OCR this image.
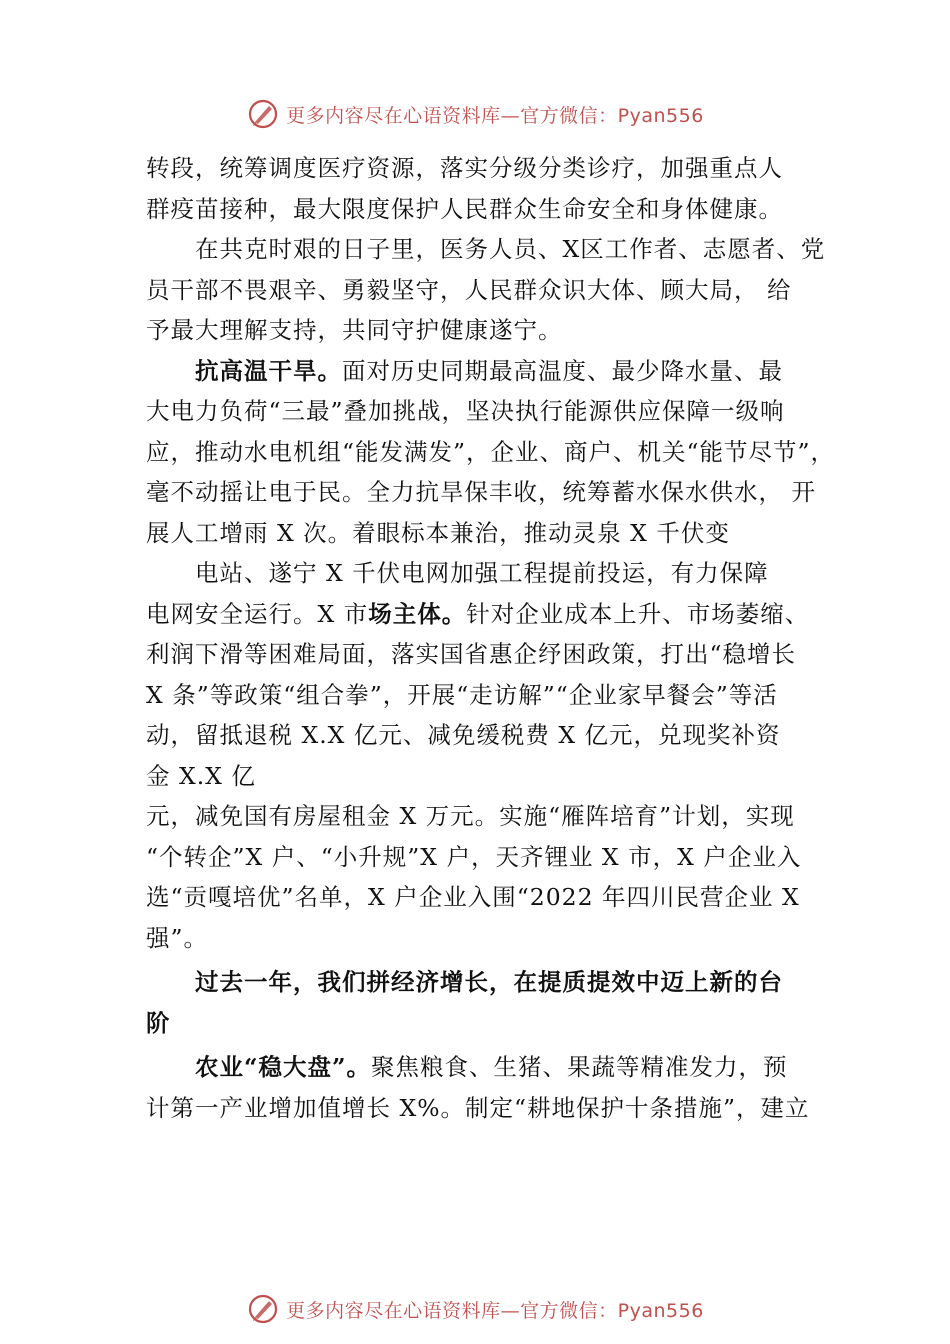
更多内容尽在心语资料库—官方微信：Pyan556
转段，统筹调度医疗资源，落实分级分类诊疗，加强重点人
群疫苗接种，最大限度保护人民群众生命安全和身体健康。
在共克时艰的日子里，医务人员、X区工作者、志愿者、党
员干部不畏艰辛、勇毅坚守，人民群众识大体、顾大局， 给
予最大理解支持，共同守护健康遂宁。
抗高温干旱。面对历史同期最高温度、最少降水量、最
大电力负荷“三最”叠加挑战，坚决执行能源供应保障一级响
应，推动水电机组“能发满发”，企业、商户、机关“能节尽节”，
毫不动摇让电于民。全力抗旱保丰收，统筹蓄水保水供水， 开
展人工增雨 X 次。着眼标本兼治，推动灵泉 X 千伏变
电站、遂宁 X 千伏电网加强工程提前投运，有力保障
电网安全运行。X 市场主体。针对企业成本上升、市场萎缩、
利润下滑等困难局面，落实国省惠企纾困政策，打出“稳增长
X 条”等政策“组合拳”，开展“走访解”“企业家早餐会”等活
动，留抵退税 X.X 亿元、减免缓税费 X 亿元，兑现奖补资
金 X.X 亿
元，减免国有房屋租金 X 万元。实施“雁阵培育”计划，实现
“个转企”X 户、“小升规”X 户，天齐锂业 X 市，X 户企业入
选“贡嘎培优”名单，X 户企业入围“2022 年四川民营企业 X
强”。
过去一年，我们拼经济增长，在提质提效中迈上新的台
阶
农业“稳大盘”。聚焦粮食、生猪、果蔬等精准发力，预
计第一产业增加值增长 X%。制定“耕地保护十条措施”，建立
更多内容尽在心语资料库—官方微信：Pyan556
